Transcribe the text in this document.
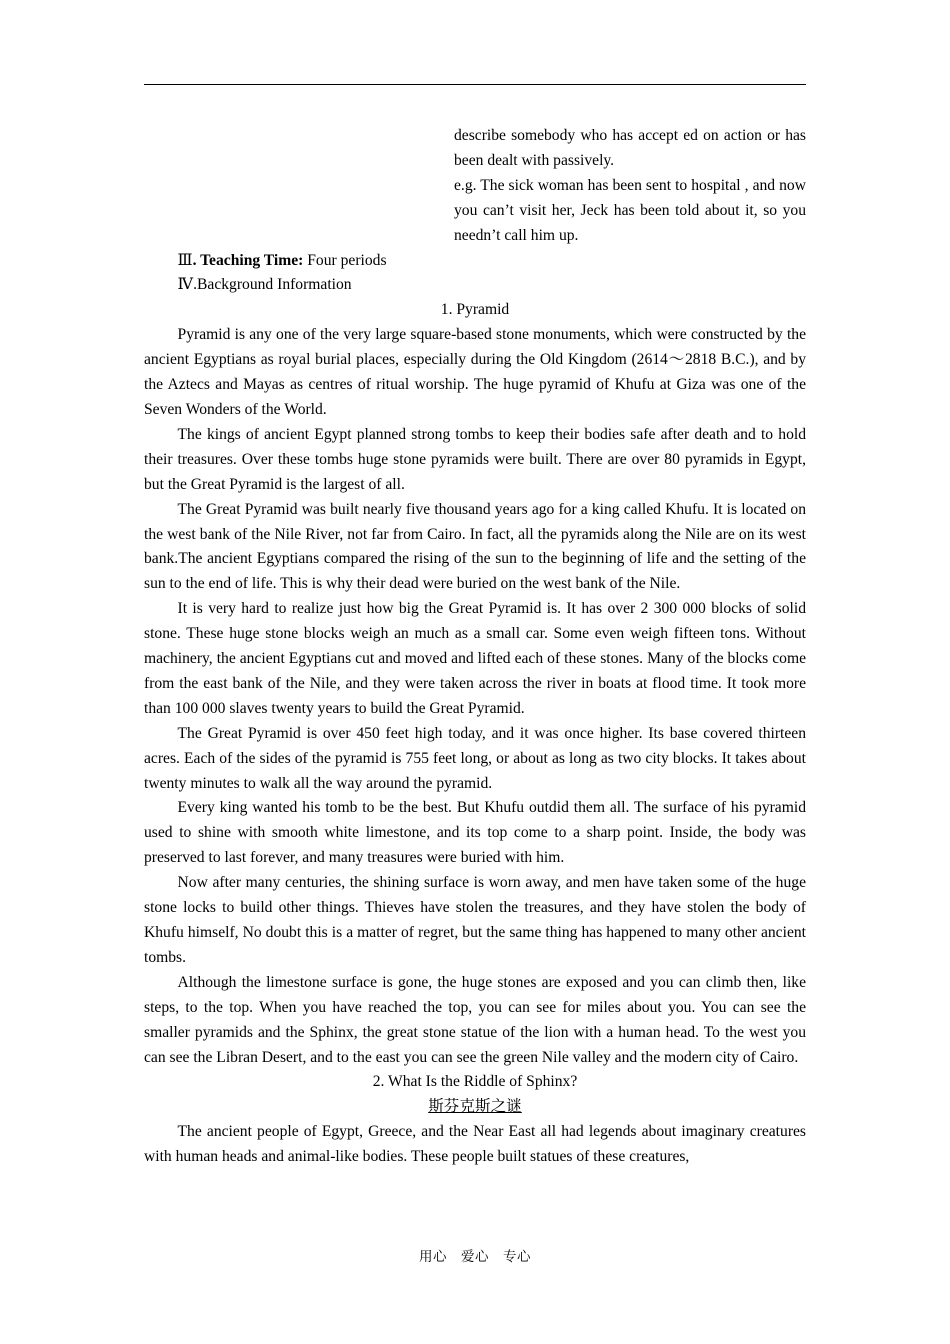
describe somebody who has accept ed on action or has been dealt with passively.

e.g. The sick woman has been sent to hospital , and now you can’t visit her, Jeck has been told about it, so you needn’t call him up.

Ⅲ. Teaching Time: Four periods

Ⅳ.Background Information

1. Pyramid

Pyramid is any one of the very large square-based stone monuments, which were constructed by the ancient Egyptians as royal burial places, especially during the Old Kingdom (2614～2818 B.C.), and by the Aztecs and Mayas as centres of ritual worship. The huge pyramid of Khufu at Giza was one of the Seven Wonders of the World.

The kings of ancient Egypt planned strong tombs to keep their bodies safe after death and to hold their treasures. Over these tombs huge stone pyramids were built. There are over 80 pyramids in Egypt, but the Great Pyramid is the largest of all.

The Great Pyramid was built nearly five thousand years ago for a king called Khufu. It is located on the west bank of the Nile River, not far from Cairo. In fact, all the pyramids along the Nile are on its west bank.The ancient Egyptians compared the rising of the sun to the beginning of life and the setting of the sun to the end of life. This is why their dead were buried on the west bank of the Nile.

It is very hard to realize just how big the Great Pyramid is. It has over 2 300 000 blocks of solid stone. These huge stone blocks weigh an much as a small car. Some even weigh fifteen tons. Without machinery, the ancient Egyptians cut and moved and lifted each of these stones. Many of the blocks come from the east bank of the Nile, and they were taken across the river in boats at flood time. It took more than 100 000 slaves twenty years to build the Great Pyramid.

The Great Pyramid is over 450 feet high today, and it was once higher. Its base covered thirteen acres. Each of the sides of the pyramid is 755 feet long, or about as long as two city blocks. It takes about twenty minutes to walk all the way around the pyramid.

Every king wanted his tomb to be the best. But Khufu outdid them all. The surface of his pyramid used to shine with smooth white limestone, and its top come to a sharp point. Inside, the body was preserved to last forever, and many treasures were buried with him.

Now after many centuries, the shining surface is worn away, and men have taken some of the huge stone locks to build other things. Thieves have stolen the treasures, and they have stolen the body of Khufu himself, No doubt this is a matter of regret, but the same thing has happened to many other ancient tombs.

Although the limestone surface is gone, the huge stones are exposed and you can climb then, like steps, to the top. When you have reached the top, you can see for miles about you. You can see the smaller pyramids and the Sphinx, the great stone statue of the lion with a human head. To the west you can see the Libran Desert, and to the east you can see the green Nile valley and the modern city of Cairo.

2. What Is the Riddle of Sphinx?

斯芬克斯之谜

The ancient people of Egypt, Greece, and the Near East all had legends about imaginary creatures with human heads and animal-like bodies. These people built statues of these creatures,

用心　爱心　专心
